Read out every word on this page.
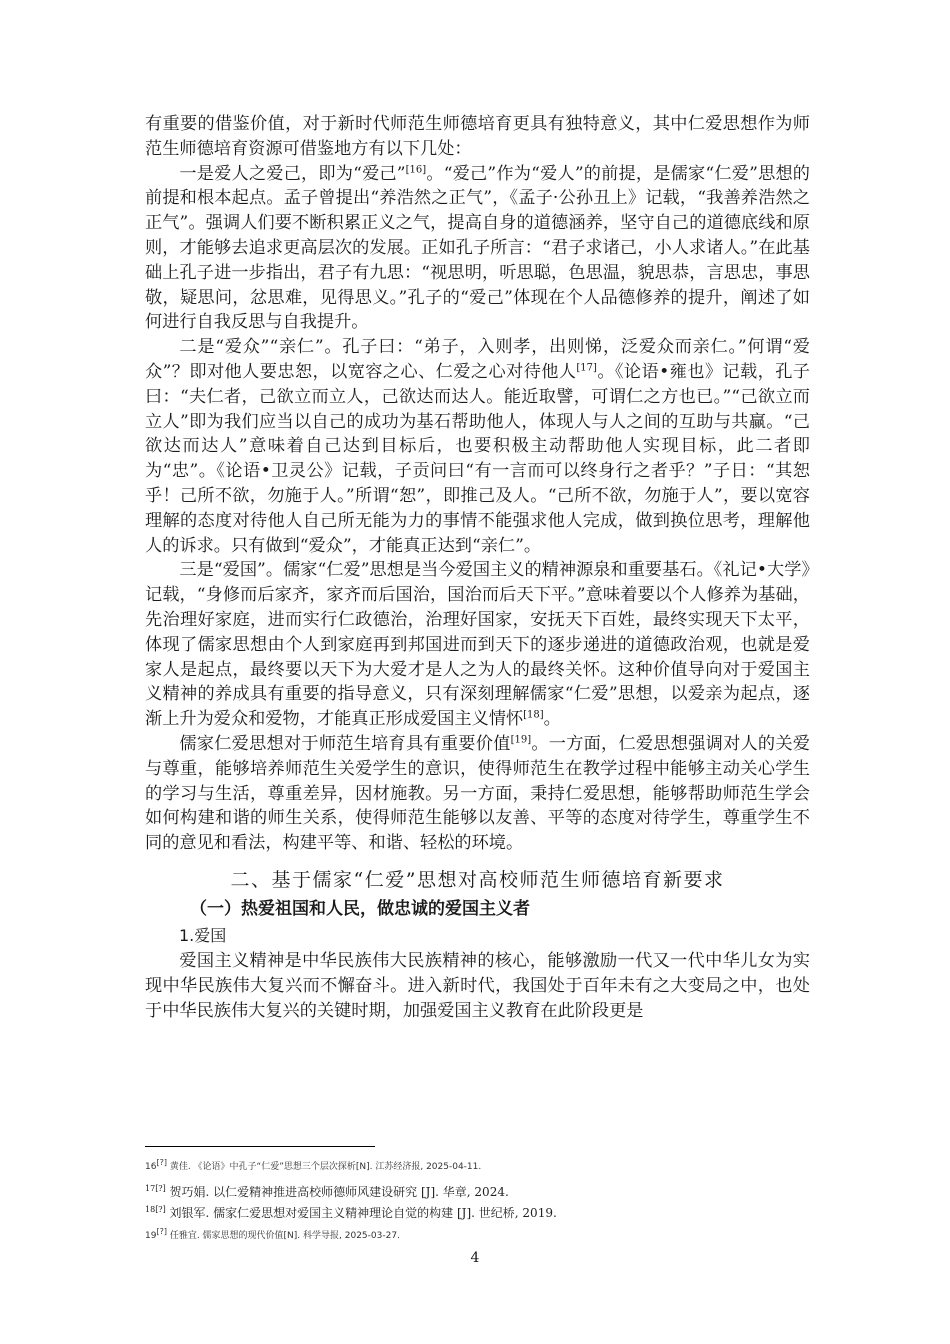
有重要的借鉴价值，对于新时代师范生师德培育更具有独特意义，其中仁爱思想作为师范生师德培育资源可借鉴地方有以下几处：

一是爱人之爱己，即为“爱己”[16]。“爱己”作为“爱人”的前提，是儒家“仁爱”思想的前提和根本起点。孟子曾提出“养浩然之正气”，《孟子·公孙丑上》记载，“我善养浩然之正气”。强调人们要不断积累正义之气，提高自身的道德涵养，坚守自己的道德底线和原则，才能够去追求更高层次的发展。正如孔子所言：“君子求诸己，小人求诸人。”在此基础上孔子进一步指出，君子有九思：“视思明，听思聪，色思温，貌思恭，言思忠，事思敬，疑思问，忿思难，见得思义。”孔子的“爱己”体现在个人品德修养的提升，阐述了如何进行自我反思与自我提升。

二是“爱众”“亲仁”。孔子曰：“弟子，入则孝，出则悌，泛爱众而亲仁。”何谓“爱众”？即对他人要忠恕，以宽容之心、仁爱之心对待他人[17]。《论语•雍也》记载，孔子曰：“夫仁者，己欲立而立人，己欲达而达人。能近取譬，可谓仁之方也已。”“己欲立而立人”即为我们应当以自己的成功为基石帮助他人，体现人与人之间的互助与共赢。“己欲达而达人”意味着自己达到目标后，也要积极主动帮助他人实现目标，此二者即为“忠”。《论语•卫灵公》记载，子贡问曰“有一言而可以终身行之者乎？”子日：“其恕乎！己所不欲，勿施于人。”所谓“恕”，即推己及人。“己所不欲，勿施于人”，要以宽容理解的态度对待他人自己所无能为力的事情不能强求他人完成，做到换位思考，理解他人的诉求。只有做到“爱众”，才能真正达到“亲仁”。

三是“爱国”。儒家“仁爱”思想是当今爱国主义的精神源泉和重要基石。《礼记•大学》记载，“身修而后家齐，家齐而后国治，国治而后天下平。”意味着要以个人修养为基础，先治理好家庭，进而实行仁政德治，治理好国家，安抚天下百姓，最终实现天下太平，体现了儒家思想由个人到家庭再到邦国进而到天下的逐步递进的道德政治观，也就是爱家人是起点，最终要以天下为大爱才是人之为人的最终关怀。这种价值导向对于爱国主义精神的养成具有重要的指导意义，只有深刻理解儒家“仁爱”思想，以爱亲为起点，逐渐上升为爱众和爱物，才能真正形成爱国主义情怀[18]。

儒家仁爱思想对于师范生培育具有重要价值[19]。一方面，仁爱思想强调对人的关爱与尊重，能够培养师范生关爱学生的意识，使得师范生在教学过程中能够主动关心学生的学习与生活，尊重差异，因材施教。另一方面，秉持仁爱思想，能够帮助师范生学会如何构建和谐的师生关系，使得师范生能够以友善、平等的态度对待学生，尊重学生不同的意见和看法，构建平等、和谐、轻松的环境。

二、基于儒家“仁爱”思想对高校师范生师德培育新要求
（一）热爱祖国和人民，做忠诚的爱国主义者
1.爱国

爱国主义精神是中华民族伟大民族精神的核心，能够激励一代又一代中华儿女为实现中华民族伟大复兴而不懈奋斗。进入新时代，我国处于百年未有之大变局之中，也处于中华民族伟大复兴的关键时期，加强爱国主义教育在此阶段更是

16[?] 黄佳. 《论语》中孔子“仁爱”思想三个层次探析[N]. 江苏经济报, 2025-04-11.

$^{17[?]}$ 贺巧娟. 以仁爱精神推进高校师德师风建设研究 [J]. 华章, 2024.

$^{18[?]}$ 刘银军. 儒家仁爱思想对爱国主义精神理论自觉的构建 [J]. 世纪桥, 2019.

19[?] 任雅宜. 儒家思想的现代价值[N]. 科学导报, 2025-03-27.

4
